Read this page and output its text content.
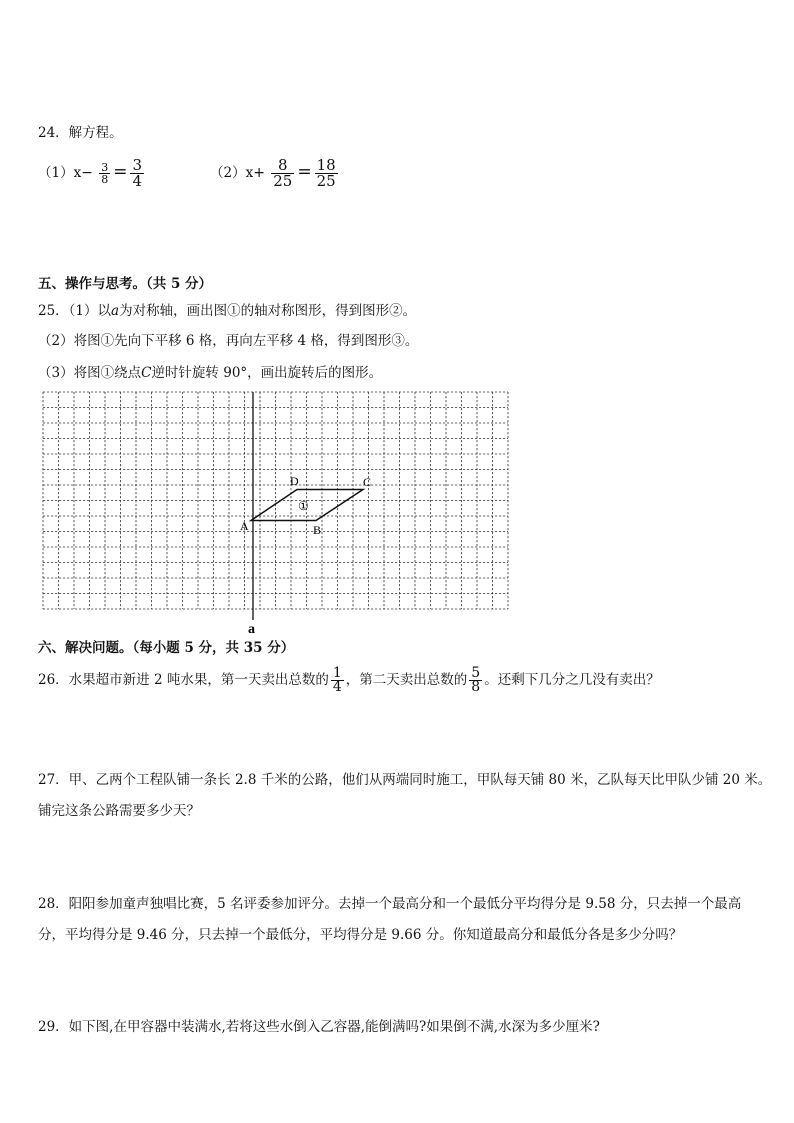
24．解方程。
$(1)x- \frac{3}{8} = \frac{3}{4}$	$(2)x+ \frac{8}{25} = \frac{18}{25}$
五、操作与思考。（共 5 分）
25．（1）以a为对称轴，画出图①的轴对称图形，得到图形②。
（2）将图①先向下平移 6 格，再向左平移 4 格，得到图形③。
（3）将图①绕点C逆时针旋转 90°，画出旋转后的图形。
A	B
C
D
①
a
六、解决问题。（每小题 5 分，共 35 分）
26．水果超市新进 2 吨水果，第一天卖出总数的 $\frac{1}{4}$ ，第二天卖出总数的 $\frac{5}{8}$ 。还剩下几分之几没有卖出？
27．甲、乙两个工程队铺一条长 2.8 千米的公路，他们从两端同时施工，甲队每天铺 80 米，乙队每天比甲队少铺 20 米。
铺完这条公路需要多少天？
28．阳阳参加童声独唱比赛，5 名评委参加评分。去掉一个最高分和一个最低分平均得分是 9.58 分，只去掉一个最高
分，平均得分是 9.46 分，只去掉一个最低分，平均得分是 9.66 分。你知道最高分和最低分各是多少分吗？
29．如下图,在甲容器中装满水,若将这些水倒入乙容器,能倒满吗?如果倒不满,水深为多少厘米?
